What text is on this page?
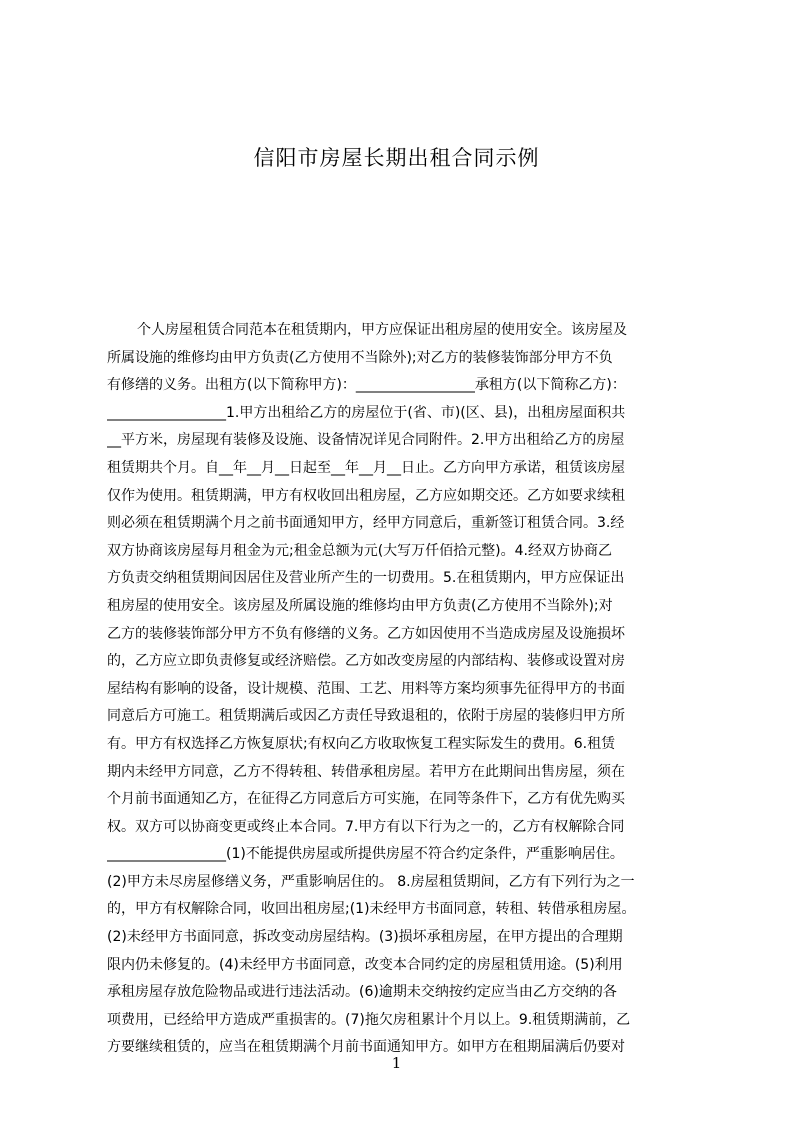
信阳市房屋长期出租合同示例
个人房屋租赁合同范本在租赁期内，甲方应保证出租房屋的使用安全。该房屋及
所属设施的维修均由甲方负责(乙方使用不当除外);对乙方的装修装饰部分甲方不负
有修缮的义务。出租方(以下简称甲方)：_________________承租方(以下简称乙方)：
_________________1.甲方出租给乙方的房屋位于(省、市)(区、县)，出租房屋面积共
__平方米，房屋现有装修及设施、设备情况详见合同附件。2.甲方出租给乙方的房屋
租赁期共个月。自__年__月__日起至__年__月__日止。乙方向甲方承诺，租赁该房屋
仅作为使用。租赁期满，甲方有权收回出租房屋，乙方应如期交还。乙方如要求续租
则必须在租赁期满个月之前书面通知甲方，经甲方同意后，重新签订租赁合同。3.经
双方协商该房屋每月租金为元;租金总额为元(大写万仟佰拾元整)。4.经双方协商乙
方负责交纳租赁期间因居住及营业所产生的一切费用。5.在租赁期内，甲方应保证出
租房屋的使用安全。该房屋及所属设施的维修均由甲方负责(乙方使用不当除外);对
乙方的装修装饰部分甲方不负有修缮的义务。乙方如因使用不当造成房屋及设施损坏
的，乙方应立即负责修复或经济赔偿。乙方如改变房屋的内部结构、装修或设置对房
屋结构有影响的设备，设计规模、范围、工艺、用料等方案均须事先征得甲方的书面
同意后方可施工。租赁期满后或因乙方责任导致退租的，依附于房屋的装修归甲方所
有。甲方有权选择乙方恢复原状;有权向乙方收取恢复工程实际发生的费用。6.租赁
期内未经甲方同意，乙方不得转租、转借承租房屋。若甲方在此期间出售房屋，须在
个月前书面通知乙方，在征得乙方同意后方可实施，在同等条件下，乙方有优先购买
权。双方可以协商变更或终止本合同。7.甲方有以下行为之一的，乙方有权解除合同
_________________(1)不能提供房屋或所提供房屋不符合约定条件，严重影响居住。
(2)甲方未尽房屋修缮义务，严重影响居住的。 8.房屋租赁期间，乙方有下列行为之一
的，甲方有权解除合同，收回出租房屋;(1)未经甲方书面同意，转租、转借承租房屋。
(2)未经甲方书面同意，拆改变动房屋结构。(3)损坏承租房屋，在甲方提出的合理期
限内仍未修复的。(4)未经甲方书面同意，改变本合同约定的房屋租赁用途。(5)利用
承租房屋存放危险物品或进行违法活动。(6)逾期未交纳按约定应当由乙方交纳的各
项费用，已经给甲方造成严重损害的。(7)拖欠房租累计个月以上。9.租赁期满前，乙
方要继续租赁的，应当在租赁期满个月前书面通知甲方。如甲方在租期届满后仍要对
1
